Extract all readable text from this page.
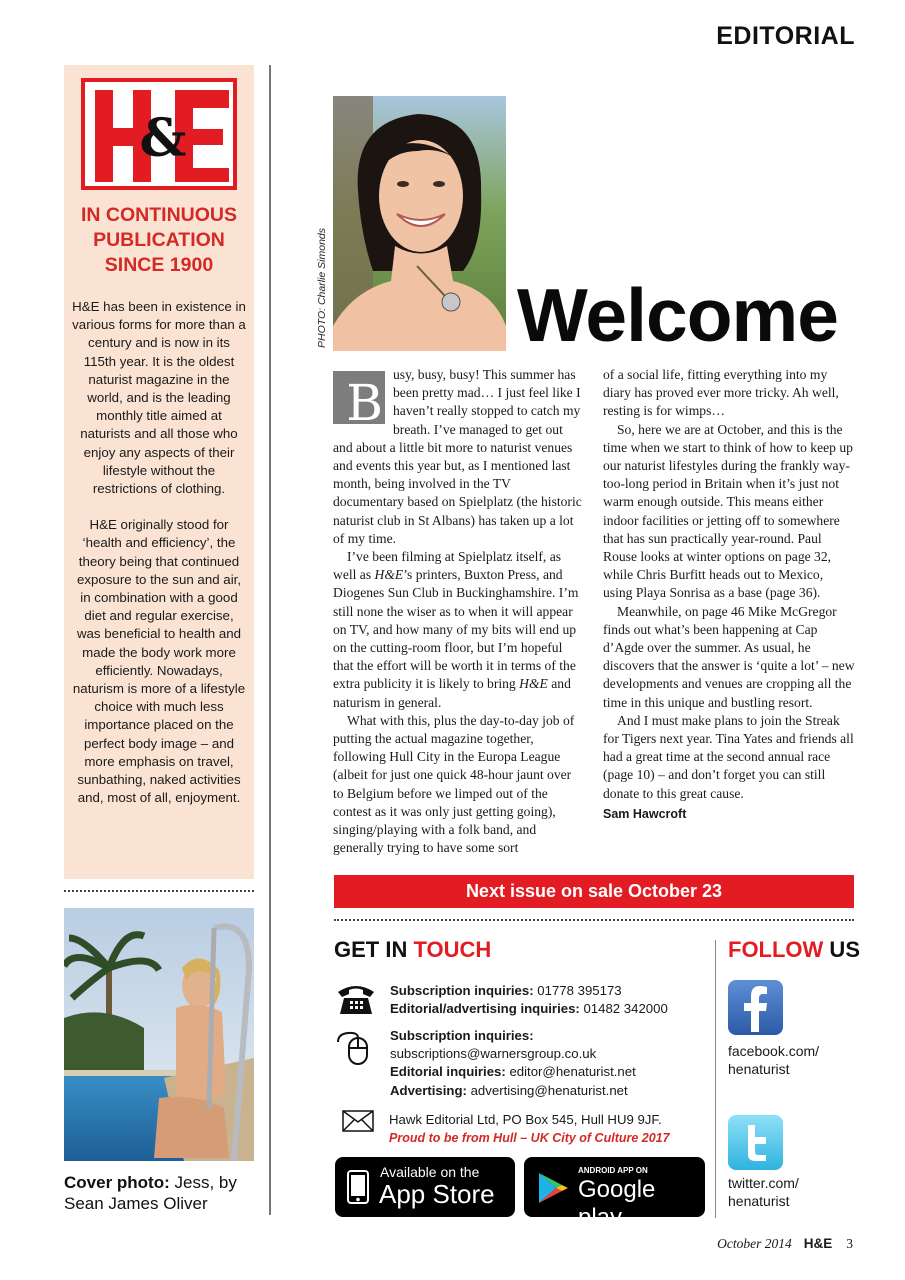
EDITORIAL
&
IN CONTINUOUS PUBLICATION SINCE 1900

H&E has been in existence in various forms for more than a century and is now in its 115th year. It is the oldest naturist magazine in the world, and is the leading monthly title aimed at naturists and all those who enjoy any aspects of their lifestyle without the restrictions of clothing.

H&E originally stood for ‘health and efficiency’, the theory being that continued exposure to the sun and air, in combination with a good diet and regular exercise, was beneficial to health and made the body work more efficiently. Nowadays, naturism is more of a lifestyle choice with much less importance placed on the perfect body image – and more emphasis on travel, sunbathing, naked activities and, most of all, enjoyment.

Cover photo: Jess, by Sean James Oliver
PHOTO: Charlie Simonds	Welcome
B usy, busy, busy! This summer has been pretty mad… I just feel like I haven’t really stopped to catch my breath. I’ve managed to get out and about a little bit more to naturist venues and events this year but, as I mentioned last month, being involved in the TV documentary based on Spielplatz (the historic naturist club in St Albans) has taken up a lot of my time.

I’ve been filming at Spielplatz itself, as well as H&E’s printers, Buxton Press, and Diogenes Sun Club in Buckinghamshire. I’m still none the wiser as to when it will appear on TV, and how many of my bits will end up on the cutting-room floor, but I’m hopeful that the effort will be worth it in terms of the extra publicity it is likely to bring H&E and naturism in general.

What with this, plus the day-to-day job of putting the actual magazine together, following Hull City in the Europa League (albeit for just one quick 48-hour jaunt over to Belgium before we limped out of the contest as it was only just getting going), singing/playing with a folk band, and generally trying to have some sort

of a social life, fitting everything into my diary has proved ever more tricky. Ah well, resting is for wimps…

So, here we are at October, and this is the time when we start to think of how to keep up our naturist lifestyles during the frankly way-too-long period in Britain when it’s just not warm enough outside. This means either indoor facilities or jetting off to somewhere that has sun practically year-round. Paul Rouse looks at winter options on page 32, while Chris Burfitt heads out to Mexico, using Playa Sonrisa as a base (page 36).

Meanwhile, on page 46 Mike McGregor finds out what’s been happening at Cap d’Agde over the summer. As usual, he discovers that the answer is ‘quite a lot’ – new developments and venues are cropping all the time in this unique and bustling resort.

And I must make plans to join the Streak for Tigers next year. Tina Yates and friends all had a great time at the second annual race (page 10) – and don’t forget you can still donate to this great cause.

Sam Hawcroft
Next issue on sale October 23
GET IN TOUCH
Subscription inquiries: 01778 395173
Editorial/advertising inquiries: 01482 342000
Subscription inquiries:
subscriptions@warnersgroup.co.uk
Editorial inquiries: editor@henaturist.net
Advertising: advertising@henaturist.net
Hawk Editorial Ltd, PO Box 545, Hull HU9 9JF.
Proud to be from Hull – UK City of Culture 2017
Available on the
App Store
ANDROID APP ON
Google play
FOLLOW US
facebook.com/
henaturist
twitter.com/
henaturist
October 2014 H&E 3
